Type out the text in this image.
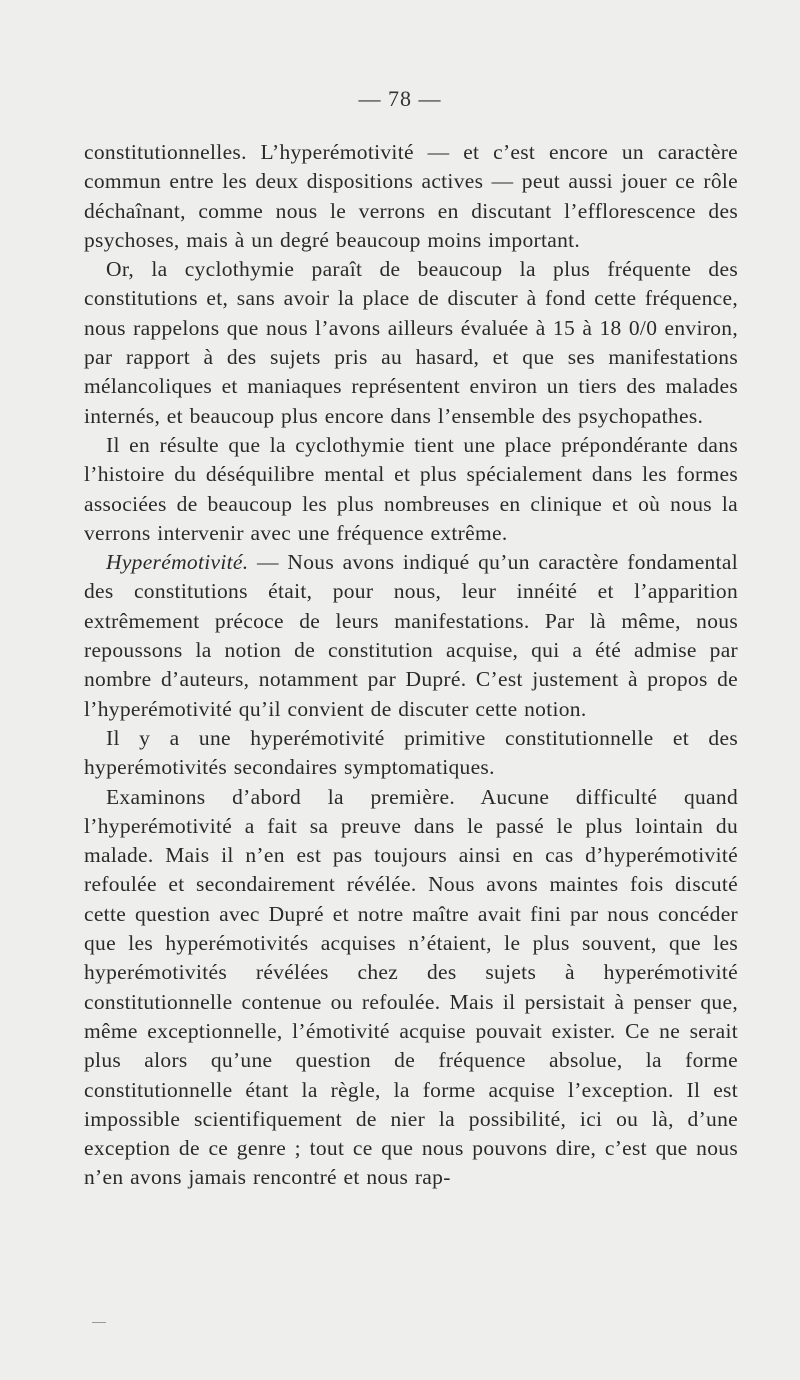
— 78 —

constitutionnelles. L’hyperémotivité — et c’est encore un caractère commun entre les deux dispositions actives — peut aussi jouer ce rôle déchaînant, comme nous le verrons en discutant l’efflorescence des psychoses, mais à un degré beaucoup moins important.

Or, la cyclothymie paraît de beaucoup la plus fréquente des constitutions et, sans avoir la place de discuter à fond cette fréquence, nous rappelons que nous l’avons ailleurs évaluée à 15 à 18 0/0 environ, par rapport à des sujets pris au hasard, et que ses manifestations mélancoliques et maniaques représentent environ un tiers des malades internés, et beaucoup plus encore dans l’ensemble des psychopathes.

Il en résulte que la cyclothymie tient une place prépondérante dans l’histoire du déséquilibre mental et plus spécialement dans les formes associées de beaucoup les plus nombreuses en clinique et où nous la verrons intervenir avec une fréquence extrême.

Hyperémotivité. — Nous avons indiqué qu’un caractère fondamental des constitutions était, pour nous, leur innéité et l’apparition extrêmement précoce de leurs manifestations. Par là même, nous repoussons la notion de constitution acquise, qui a été admise par nombre d’auteurs, notamment par Dupré. C’est justement à propos de l’hyperémotivité qu’il convient de discuter cette notion.

Il y a une hyperémotivité primitive constitutionnelle et des hyperémotivités secondaires symptomatiques.

Examinons d’abord la première. Aucune difficulté quand l’hyperémotivité a fait sa preuve dans le passé le plus lointain du malade. Mais il n’en est pas toujours ainsi en cas d’hyperémotivité refoulée et secondairement révélée. Nous avons maintes fois discuté cette question avec Dupré et notre maître avait fini par nous concéder que les hyperémotivités acquises n’étaient, le plus souvent, que les hyperémotivités révélées chez des sujets à hyperémotivité constitutionnelle contenue ou refoulée. Mais il persistait à penser que, même exceptionnelle, l’émotivité acquise pouvait exister. Ce ne serait plus alors qu’une question de fréquence absolue, la forme constitutionnelle étant la règle, la forme acquise l’exception. Il est impossible scientifiquement de nier la possibilité, ici ou là, d’une exception de ce genre ; tout ce que nous pouvons dire, c’est que nous n’en avons jamais rencontré et nous rap-
